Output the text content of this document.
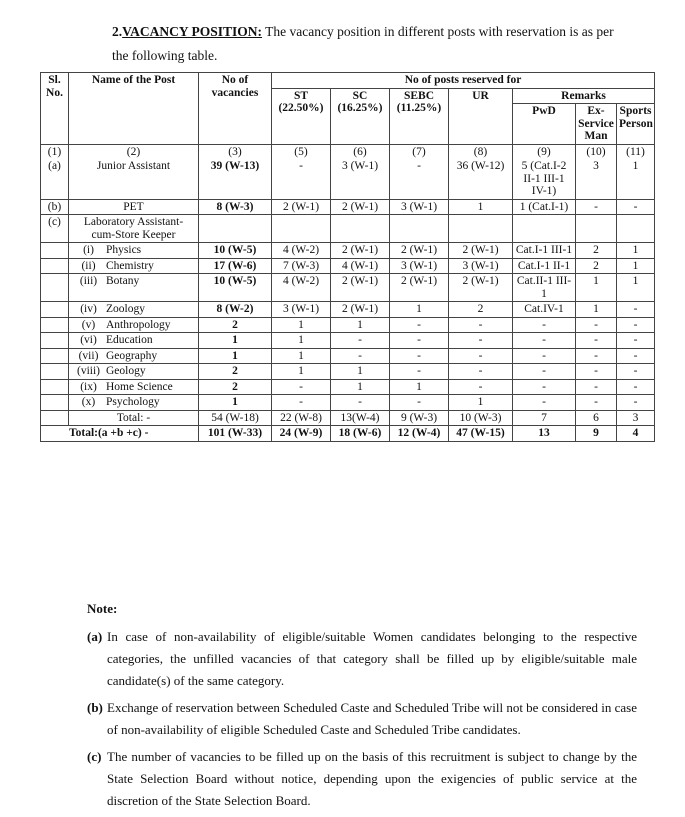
2.VACANCY POSITION: The vacancy position in different posts with reservation is as per the following table.
Sl. No.	Name of the Post	No of vacancies	No of posts reserved for						
			ST (22.50%)	SC (16.25%)	SEBC (11.25%)	UR	Remarks		
							PwD	Ex-Service Man	Sports Person
(1)	(2)	(3)	(5)	(6)	(7)	(8)	(9)	(10)	(11)
(a)	Junior Assistant	39 (W-13)	-	3 (W-1)	-	36 (W-12)	5 (Cat.I-2 II-1 III-1 IV-1)	3	1
(b)	PET	8 (W-3)	2 (W-1)	2 (W-1)	3 (W-1)	1	1 (Cat.I-1)	-	-
(c)	Laboratory Assistant- cum-Store Keeper								

	(i) Physics	10 (W-5)	4 (W-2)	2 (W-1)	2 (W-1)	2 (W-1)	Cat.I-1 III-1	2	1

	(ii) Chemistry	17 (W-6)	7 (W-3)	4 (W-1)	3 (W-1)	3 (W-1)	Cat.I-1 II-1	2	1

	(iii) Botany	10 (W-5)	4 (W-2)	2 (W-1)	2 (W-1)	2 (W-1)	Cat.II-1 III-1	1	1

	(iv) Zoology	8 (W-2)	3 (W-1)	2 (W-1)	1	2	Cat.IV-1	1	-

	(v) Anthropology	2	1	1	-	-	-	-	-

	(vi) Education	1	1	-	-	-	-	-	-

	(vii) Geography	1	1	-	-	-	-	-	-

	(viii) Geology	2	1	1	-	-	-	-	-

	(ix) Home Science	2	-	1	1	-	-	-	-

	(x) Psychology	1	-	-	-	1	-	-	-
	Total: -	54 (W-18)	22 (W-8)	13(W-4)	9 (W-3)	10 (W-3)	7	6	3
Total:(a +b +c) -		101 (W-33)	24 (W-9)	18 (W-6)	12 (W-4)	47 (W-15)	13	9	4
Note:
(a) In case of non-availability of eligible/suitable Women candidates belonging to the respective categories, the unfilled vacancies of that category shall be filled up by eligible/suitable male candidate(s) of the same category.
(b) Exchange of reservation between Scheduled Caste and Scheduled Tribe will not be considered in case of non-availability of eligible Scheduled Caste and Scheduled Tribe candidates.
(c) The number of vacancies to be filled up on the basis of this recruitment is subject to change by the State Selection Board without notice, depending upon the exigencies of public service at the discretion of the State Selection Board.
